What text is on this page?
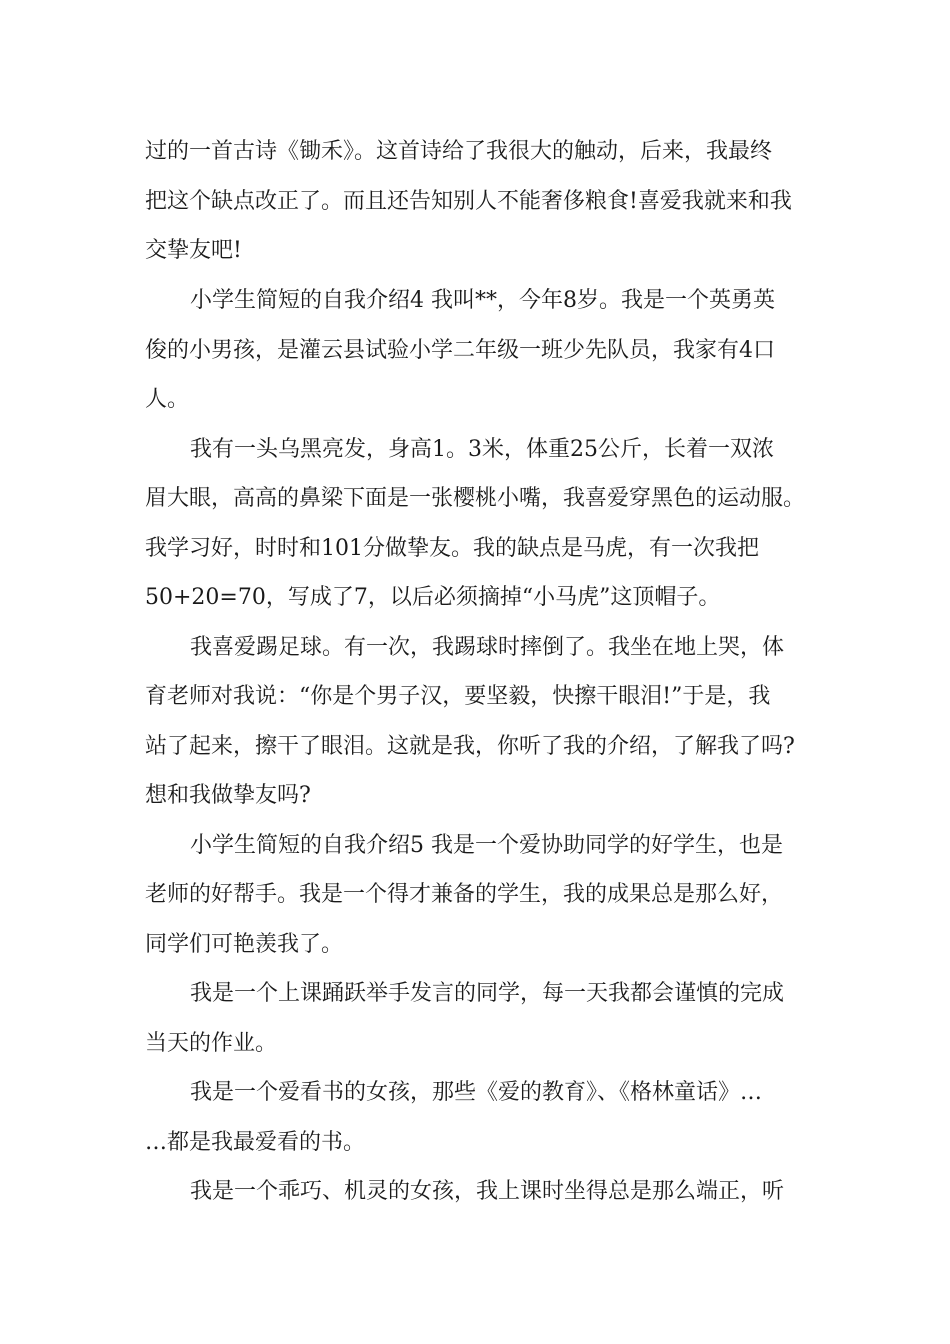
过的一首古诗《锄禾》。这首诗给了我很大的触动，后来，我最终
把这个缺点改正了。而且还告知别人不能奢侈粮食!喜爱我就来和我
交挚友吧!
小学生简短的自我介绍4 我叫**，今年8岁。我是一个英勇英
俊的小男孩，是灌云县试验小学二年级一班少先队员，我家有4口
人。
我有一头乌黑亮发，身高1。3米，体重25公斤，长着一双浓
眉大眼，高高的鼻梁下面是一张樱桃小嘴，我喜爱穿黑色的运动服。
我学习好，时时和101分做挚友。我的缺点是马虎，有一次我把
50+20=70，写成了7，以后必须摘掉“小马虎”这顶帽子。
我喜爱踢足球。有一次，我踢球时摔倒了。我坐在地上哭，体
育老师对我说：“你是个男子汉，要坚毅，快擦干眼泪!”于是，我
站了起来，擦干了眼泪。这就是我，你听了我的介绍，了解我了吗?
想和我做挚友吗?
小学生简短的自我介绍5 我是一个爱协助同学的好学生，也是
老师的好帮手。我是一个得才兼备的学生，我的成果总是那么好，
同学们可艳羡我了。
我是一个上课踊跃举手发言的同学，每一天我都会谨慎的完成
当天的作业。
我是一个爱看书的女孩，那些《爱的教育》、《格林童话》…
…都是我最爱看的书。
我是一个乖巧、机灵的女孩，我上课时坐得总是那么端正，听
